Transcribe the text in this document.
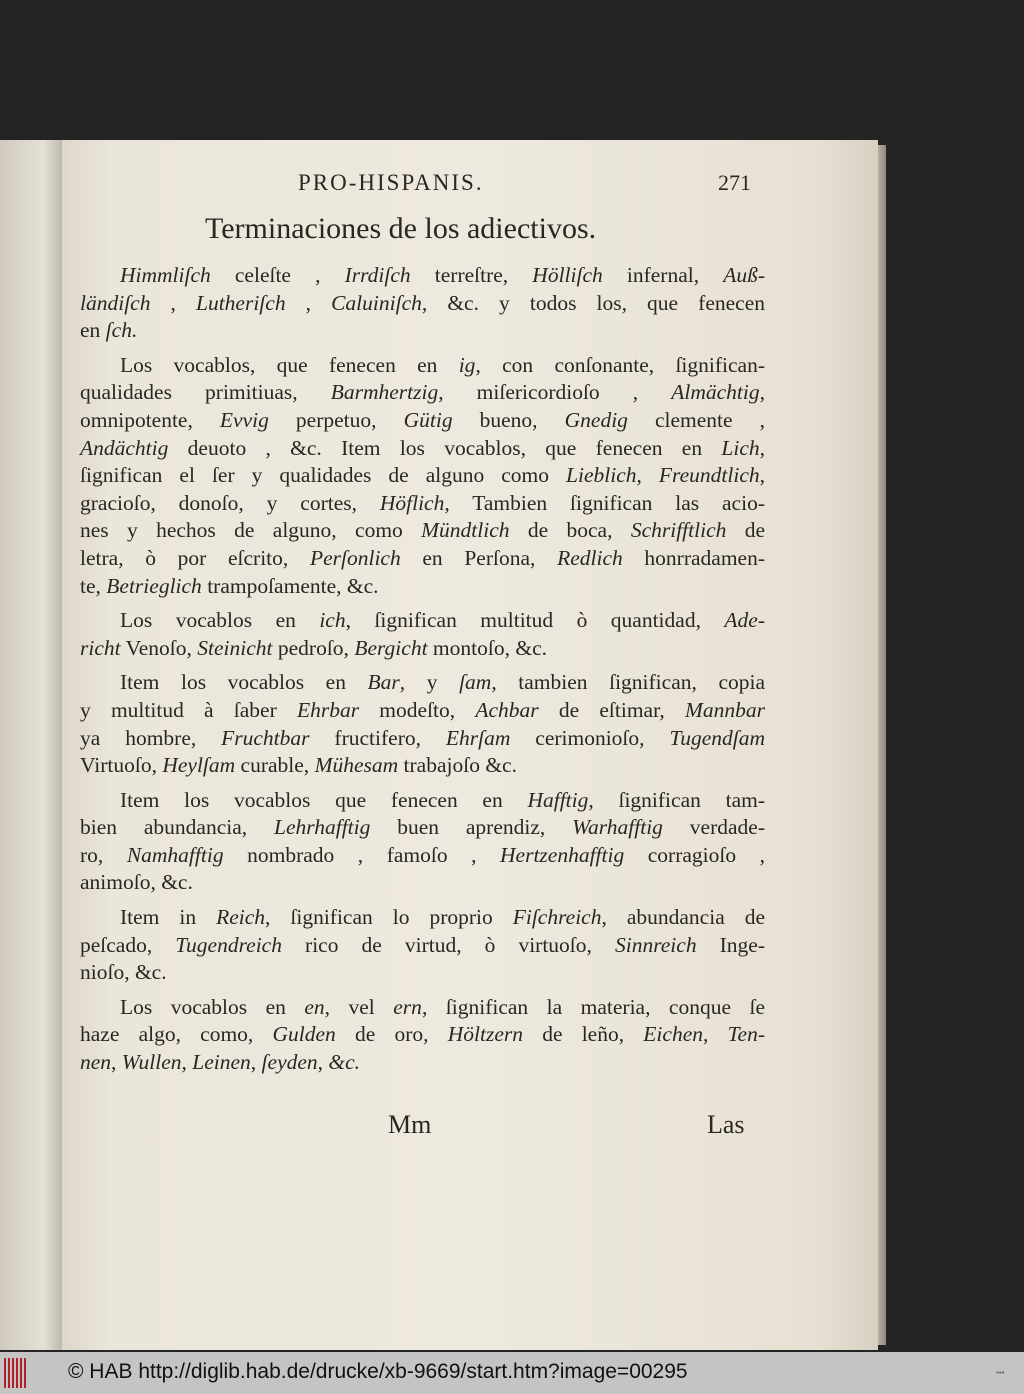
PRO-HISPANIS.	271
Terminaciones de los adiectivos.
Himmliſch celeſte , Irrdiſch terreſtre, Hölliſch infernal, Auß-
ländiſch , Lutheriſch , Caluiniſch, &c. y todos los, que fenecen
en ſch.
Los vocablos, que fenecen en ig, con conſonante, ſignifican-
qualidades primitiuas, Barmhertzig, miſericordioſo , Almächtig,
omnipotente, Evvig perpetuo, Gütig bueno, Gnedig clemente ,
Andächtig deuoto , &c. Item los vocablos, que fenecen en Lich,
ſignifican el ſer y qualidades de alguno como Lieblich, Freundtlich,
gracioſo, donoſo, y cortes, Höflich, Tambien ſignifican las acio-
nes y hechos de alguno, como Mündtlich de boca, Schrifftlich de
letra, ò por eſcrito, Perſonlich en Perſona, Redlich honrradamen-
te, Betrieglich trampoſamente, &c.
Los vocablos en ich, ſignifican multitud ò quantidad, Ade-
richt Venoſo, Steinicht pedroſo, Bergicht montoſo, &c.
Item los vocablos en Bar, y ſam, tambien ſignifican, copia
y multitud à ſaber Ehrbar modeſto, Achbar de eſtimar, Mannbar
ya hombre, Fruchtbar fructifero, Ehrſam cerimonioſo, Tugendſam
Virtuoſo, Heylſam curable, Mühesam trabajoſo &c.
Item los vocablos que fenecen en Hafftig, ſignifican tam-
bien abundancia, Lehrhafftig buen aprendiz, Warhafftig verdade-
ro, Namhafftig nombrado , famoſo , Hertzenhafftig corragioſo ,
animoſo, &c.
Item in Reich, ſignifican lo proprio Fiſchreich, abundancia de
peſcado, Tugendreich rico de virtud, ò virtuoſo, Sinnreich Inge-
nioſo, &c.
Los vocablos en en, vel ern, ſignifican la materia, conque ſe
haze algo, como, Gulden de oro, Höltzern de leño, Eichen, Ten-
nen, Wullen, Leinen, ſeyden, &c.
Mm	Las
© HAB http://diglib.hab.de/drucke/xb-9669/start.htm?image=00295	▪▪▪
